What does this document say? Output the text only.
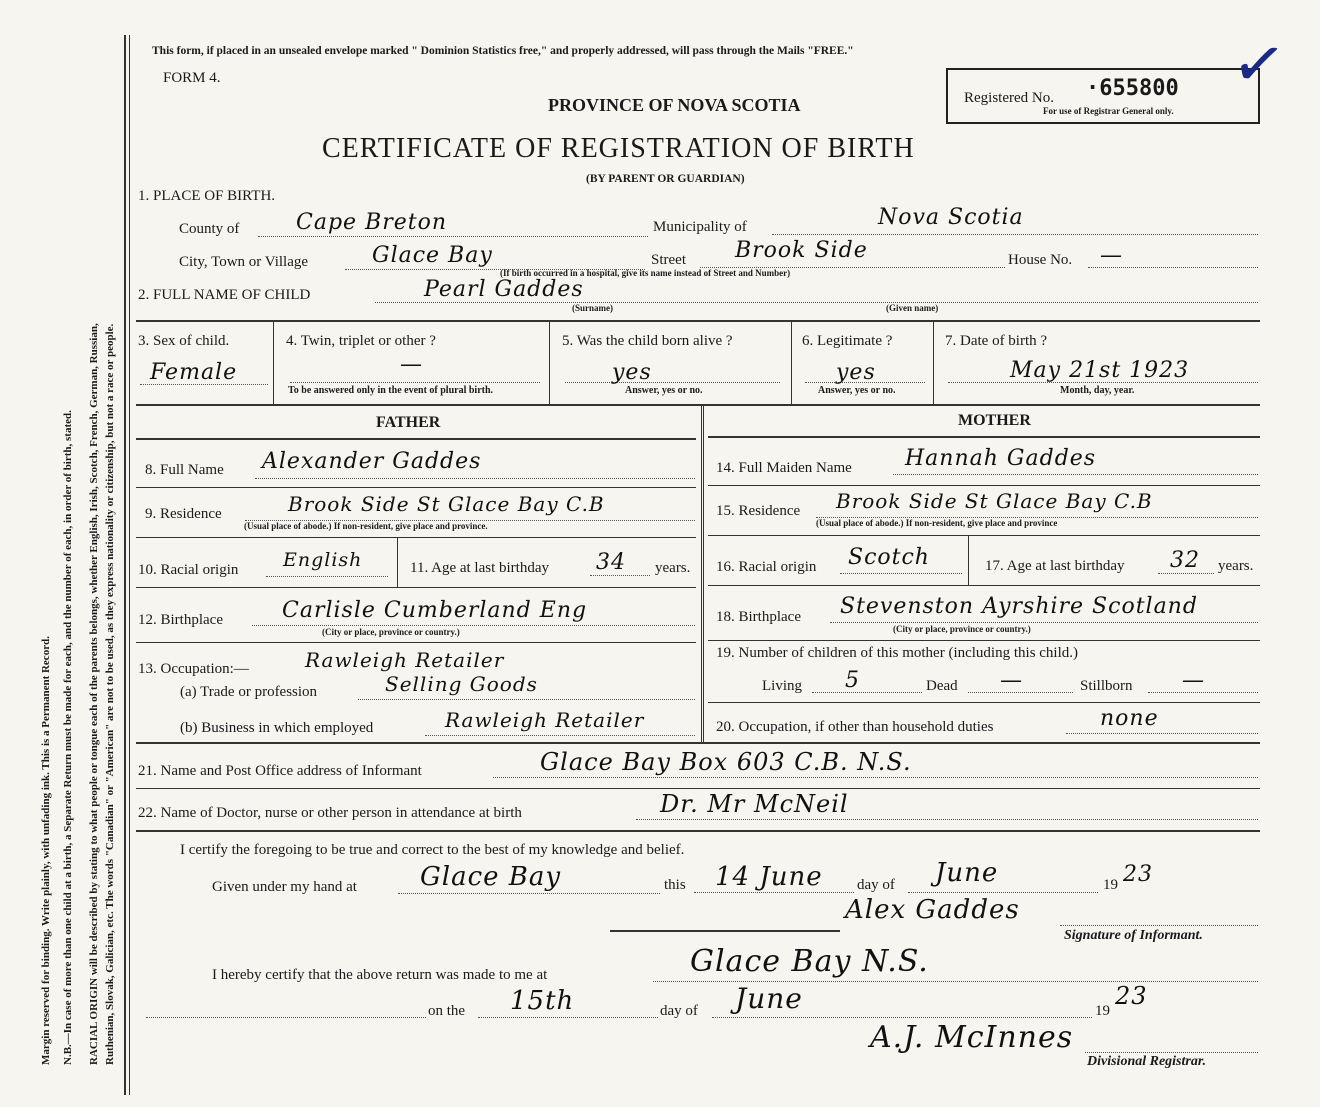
Margin reserved for binding. Write plainly, with unfading ink. This is a Permanent Record. N.B.—In case of more than one child at a birth, a Separate Return must be made for each, and the number of each, in order of birth, stated. RACIAL ORIGIN will be described by stating to what people or tongue each of the parents belongs, whether English, Irish, Scotch, French, German, Russian, Ruthenian, Slovak, Galician, etc. The words "Canadian" or "American" are not to be used, as they express nationality or citizenship, but not a race or people.
This form, if placed in an unsealed envelope marked " Dominion Statistics free," and properly addressed, will pass through the Mails "FREE."
FORM 4.
PROVINCE OF NOVA SCOTIA
CERTIFICATE OF REGISTRATION OF BIRTH
(BY PARENT OR GUARDIAN)
Registered No. ·655800
For use of Registrar General only.
✓
1. PLACE OF BIRTH.
County of	Cape Breton	Municipality of	Nova Scotia
City, Town or Village	Glace Bay	Street Brook Side	House No. —
(If birth occurred in a hospital, give its name instead of Street and Number)
2. FULL NAME OF CHILD	Pearl Gaddes
(Surname)	(Given name)
3. Sex of child.
Female
4. Twin, triplet or other ?
—
To be answered only in the event of plural birth.
5. Was the child born alive ?
yes
Answer, yes or no.
6. Legitimate ?
yes
Answer, yes or no.
7. Date of birth ?
May 21st 1923
Month, day, year.
FATHER	MOTHER
8. Full Name Alexander Gaddes
9. Residence	Brook Side St Glace Bay C.B
(Usual place of abode.) If non-resident, give place and province.
10. Racial origin English	11. Age at last birthday 34 years.
12. Birthplace	Carlisle Cumberland Eng
(City or place, province or country.)
13. Occupation:—	Rawleigh Retailer
(a) Trade or profession	Selling Goods
(b) Business in which employed	Rawleigh Retailer
14. Full Maiden Name Hannah Gaddes
15. Residence Brook Side St Glace Bay C.B
(Usual place of abode.) If non-resident, give place and province
16. Racial origin Scotch	17. Age at last birthday 32 years.
18. Birthplace Stevenston Ayrshire Scotland
(City or place, province or country.)
19. Number of children of this mother (including this child.)
Living 5	Dead —	Stillborn —
20. Occupation, if other than household duties	none
21. Name and Post Office address of Informant	Glace Bay Box 603 C.B. N.S.
22. Name of Doctor, nurse or other person in attendance at birth	Dr. Mr McNeil
I certify the foregoing to be true and correct to the best of my knowledge and belief.
Given under my hand at Glace Bay	this 14 June day of June	19 23
Alex Gaddes
Signature of Informant.
I hereby certify that the above return was made to me at	Glace Bay N.S.
on the 15th	day of June	19
23
A.J. McInnes
Divisional Registrar.
